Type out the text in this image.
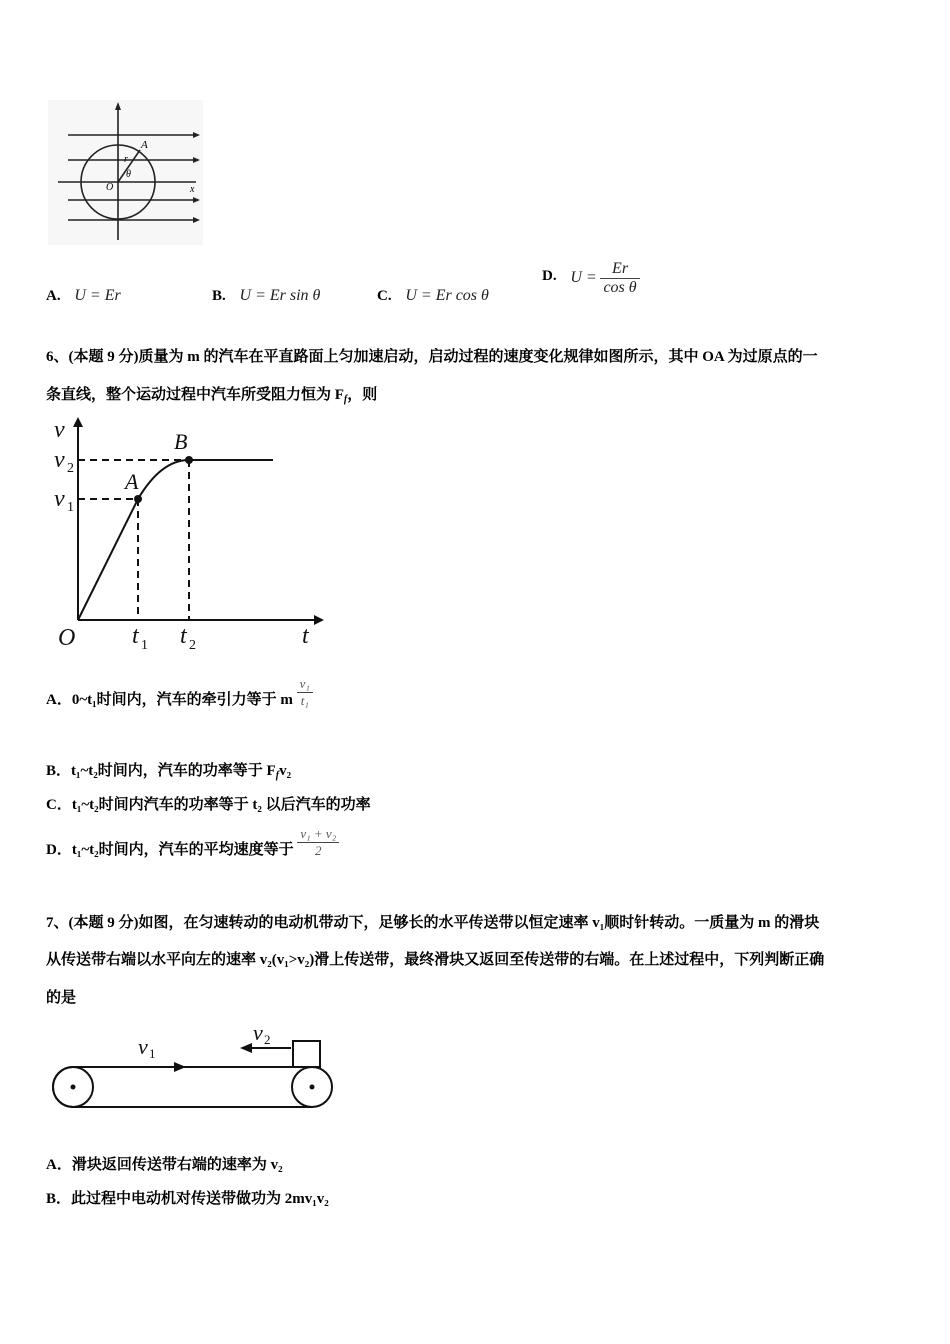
A
r
θ
O	x
A. U = Er	B. U = Er sin θ	C. U = Er cos θ
D. $U = \frac{Er}{\text{cos θ}}$
6、(本题 9 分)质量为 m 的汽车在平直路面上匀加速启动，启动过程的速度变化规律如图所示，其中 OA 为过原点的一
条直线，整个运动过程中汽车所受阻力恒为 $F_f$，则
v
v 2
v 1
A
B
O	t
t 1 t 2
A．0~t₁时间内，汽车的牵引力等于 m $\frac{\text{v₁}}{\text{t₁}}$
B．t₁~t₂时间内，汽车的功率等于 $F_fv_2$
C．t₁~t₂时间内汽车的功率等于 t₂ 以后汽车的功率
D．t₁~t₂时间内，汽车的平均速度等于 $\frac{\text{v₁ + v₂}}{2}$
7、(本题 9 分)如图，在匀速转动的电动机带动下，足够长的水平传送带以恒定速率 v₁顺时针转动。一质量为 m 的滑块
从传送带右端以水平向左的速率 v₂(v₁>v₂)滑上传送带，最终滑块又返回至传送带的右端。在上述过程中，下列判断正确
的是
v 1
v 2
A．滑块返回传送带右端的速率为 v₂
B．此过程中电动机对传送带做功为 2mv₁v₂
